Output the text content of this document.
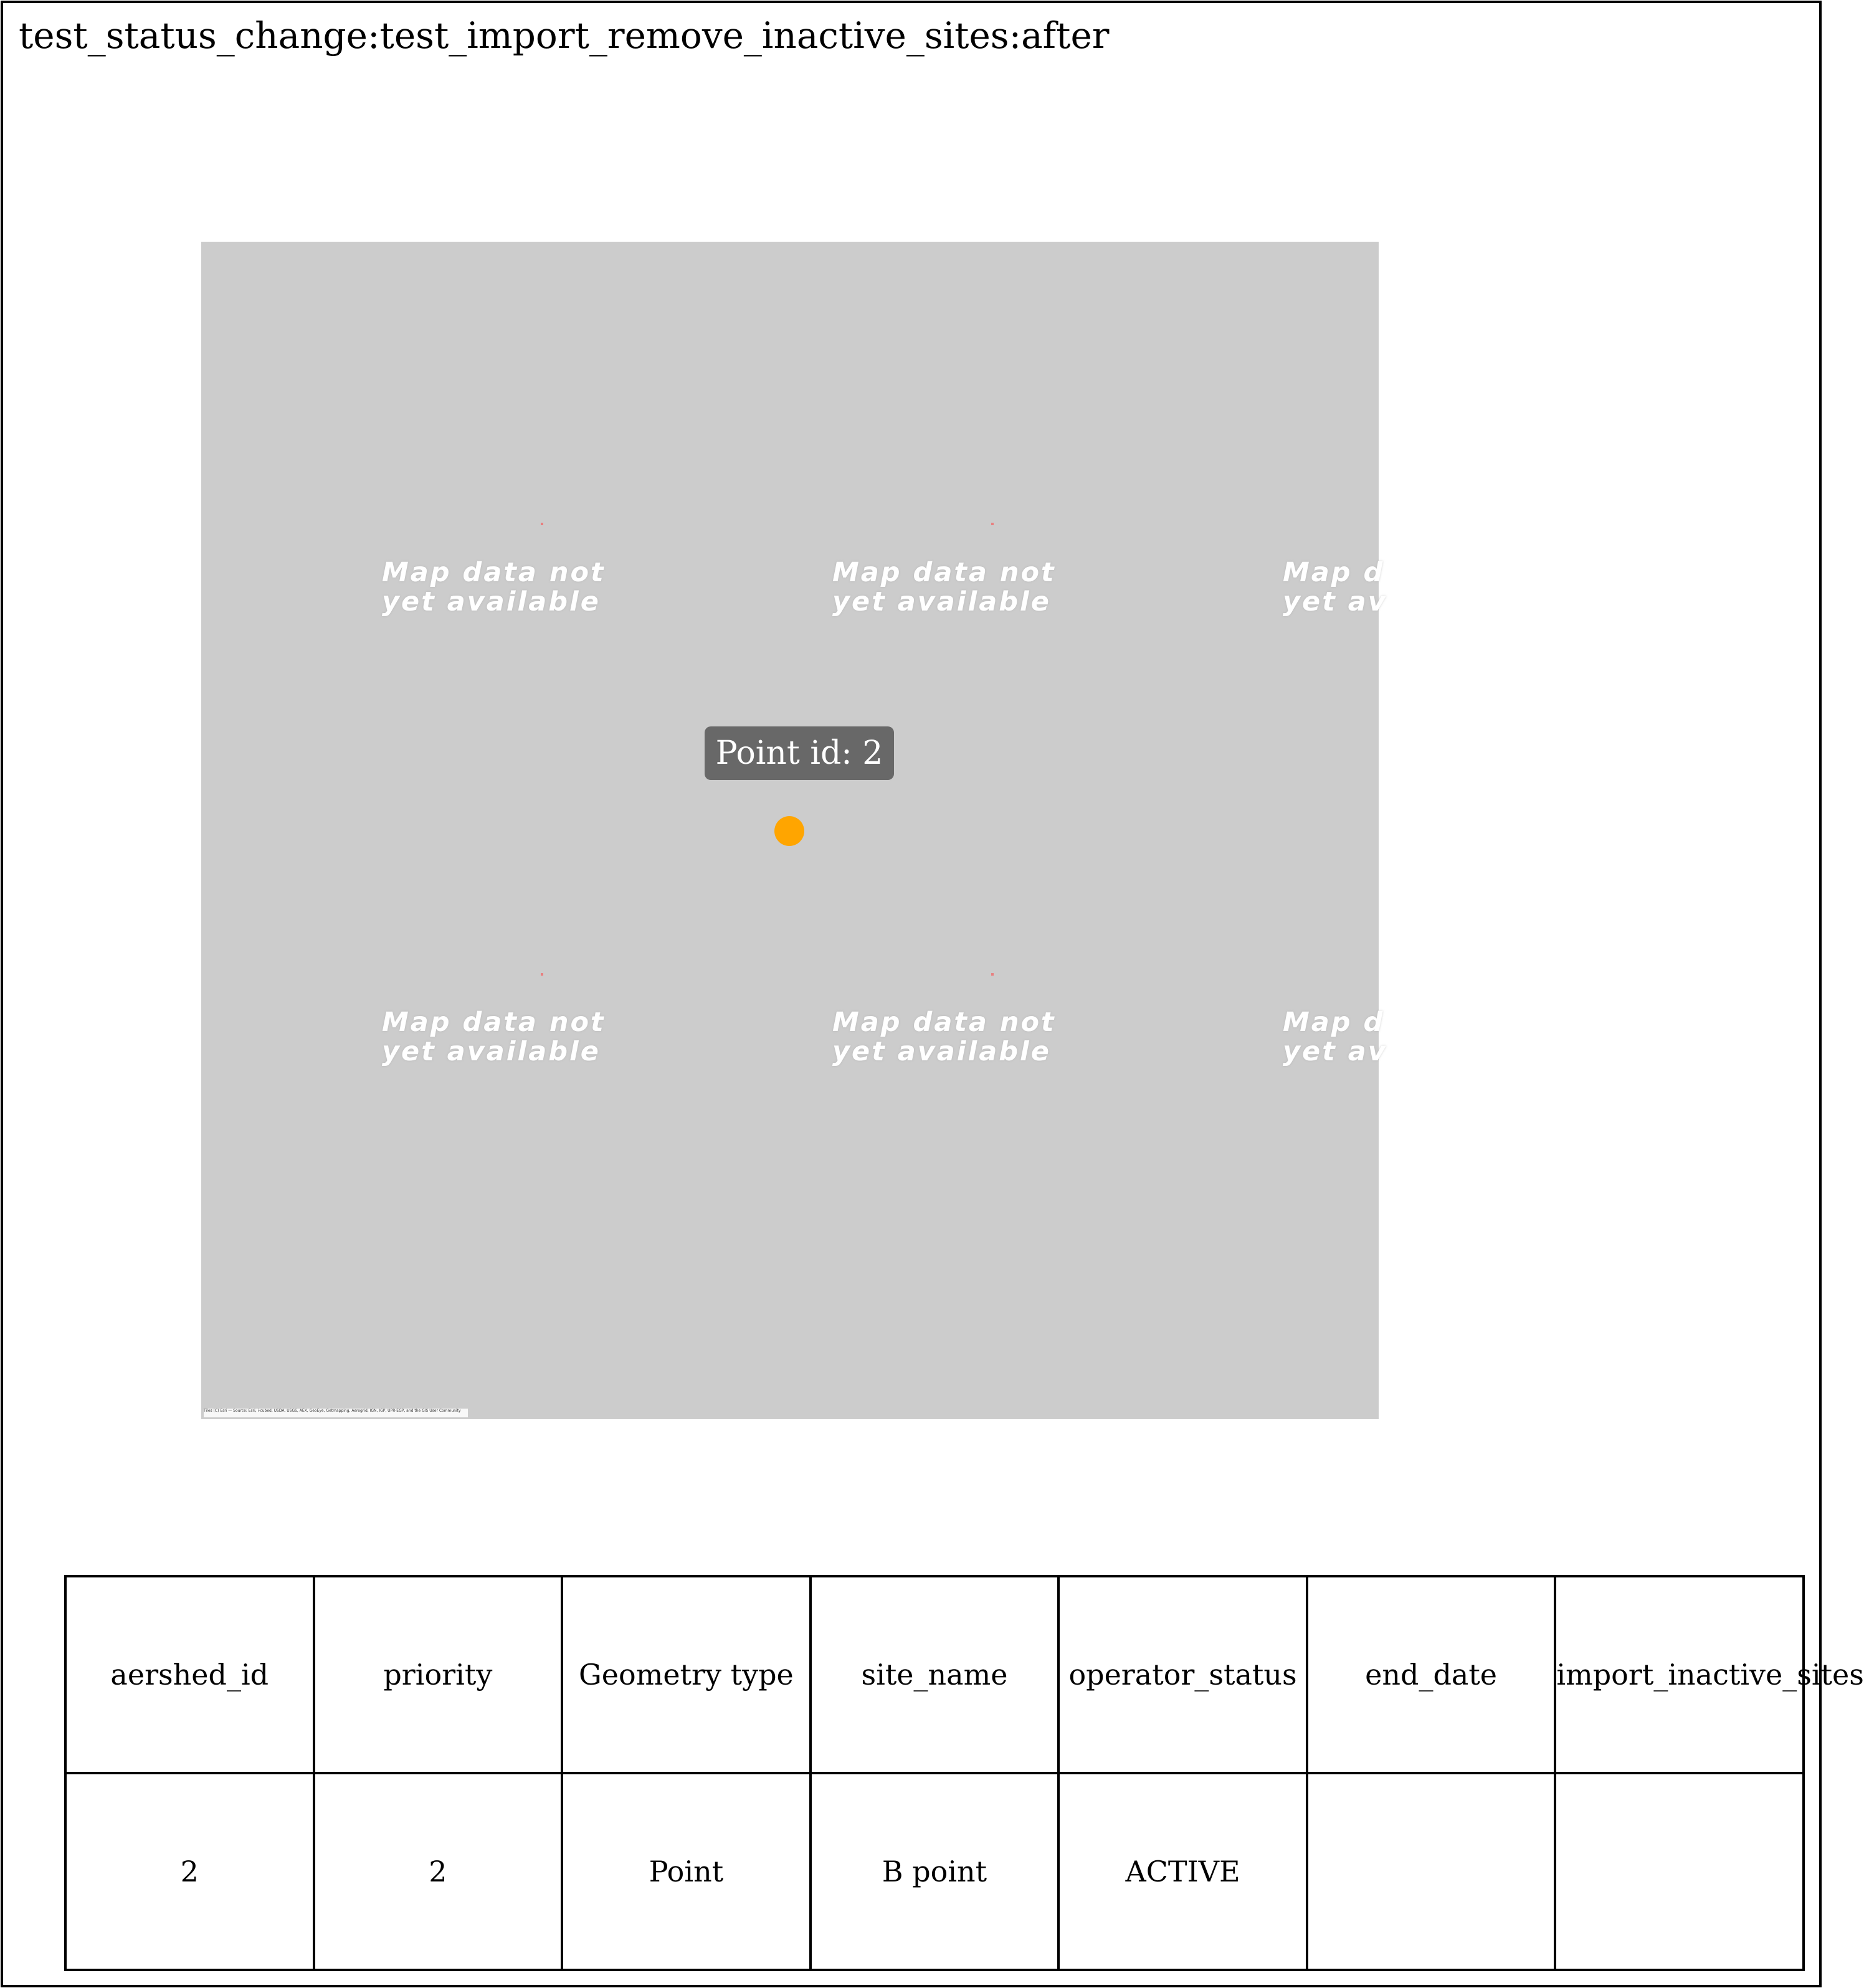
test_status_change:test_import_remove_inactive_sites:after
Map data not
yet available
Map data not
yet available
Map d
yet av
Map data not
yet available
Map data not
yet available
Map d
yet av
Point id: 2
Tiles (C) Esri — Source: Esri, i-cubed, USDA, USGS, AEX, GeoEye, Getmapping, Aerogrid, IGN, IGP, UPR-EGP, and the GIS User Community
aershed_id	priority	Geometry type	site_name	operator_status	end_date	import_inactive_sites
2	2	Point	B point	ACTIVE		
